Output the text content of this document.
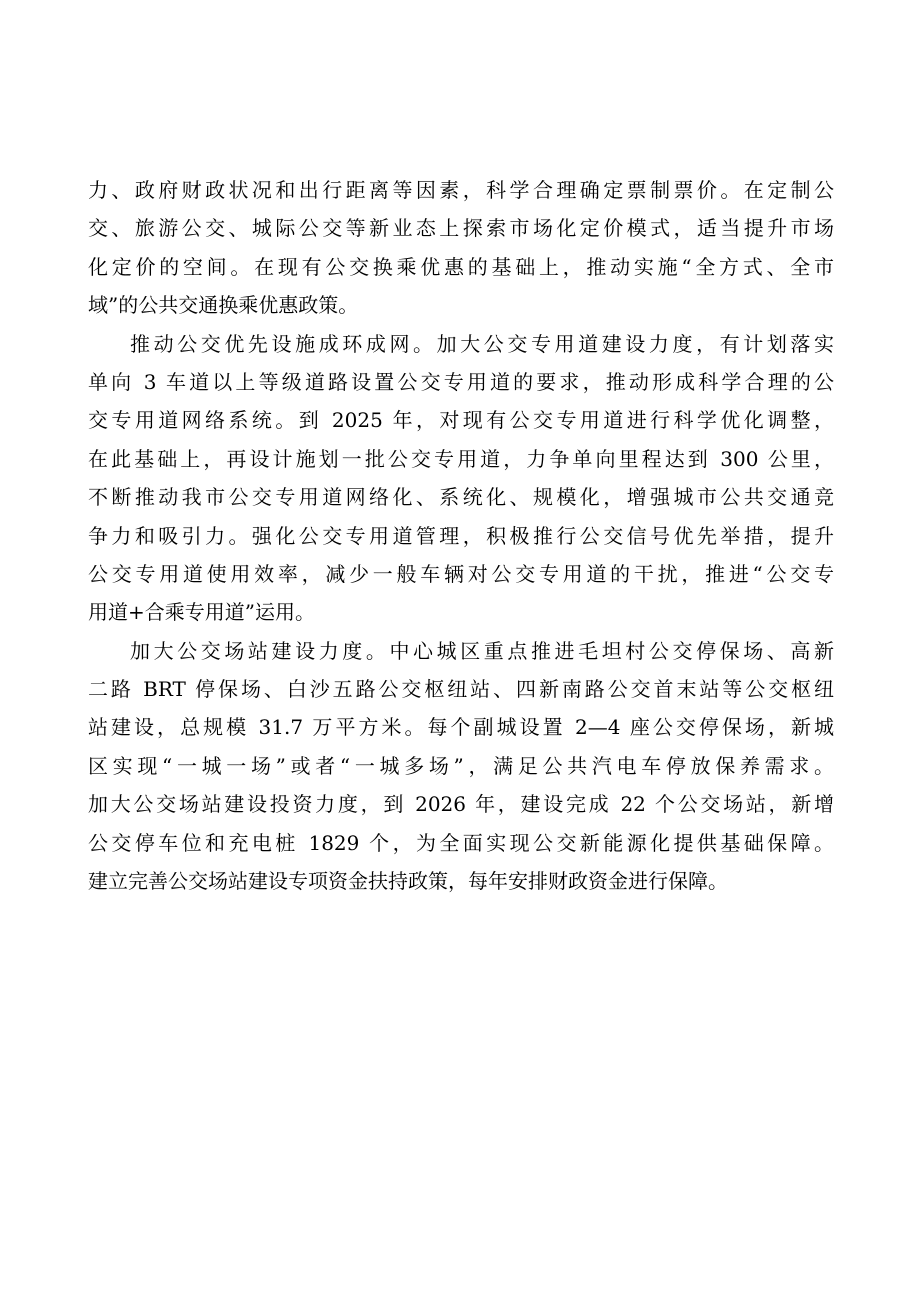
力、政府财政状况和出行距离等因素，科学合理确定票制票价。在定制公
交、旅游公交、城际公交等新业态上探索市场化定价模式，适当提升市场
化定价的空间。在现有公交换乘优惠的基础上，推动实施“全方式、全市
域”的公共交通换乘优惠政策。
推动公交优先设施成环成网。加大公交专用道建设力度，有计划落实
单向 3 车道以上等级道路设置公交专用道的要求，推动形成科学合理的公
交专用道网络系统。到 2025 年，对现有公交专用道进行科学优化调整，
在此基础上，再设计施划一批公交专用道，力争单向里程达到 300 公里，
不断推动我市公交专用道网络化、系统化、规模化，增强城市公共交通竞
争力和吸引力。强化公交专用道管理，积极推行公交信号优先举措，提升
公交专用道使用效率，减少一般车辆对公交专用道的干扰，推进“公交专
用道+合乘专用道”运用。
加大公交场站建设力度。中心城区重点推进毛坦村公交停保场、高新
二路 BRT 停保场、白沙五路公交枢纽站、四新南路公交首末站等公交枢纽
站建设，总规模 31.7 万平方米。每个副城设置 2—4 座公交停保场，新城
区实现“一城一场”或者“一城多场”，满足公共汽电车停放保养需求。
加大公交场站建设投资力度，到 2026 年，建设完成 22 个公交场站，新增
公交停车位和充电桩 1829 个，为全面实现公交新能源化提供基础保障。
建立完善公交场站建设专项资金扶持政策，每年安排财政资金进行保障。
